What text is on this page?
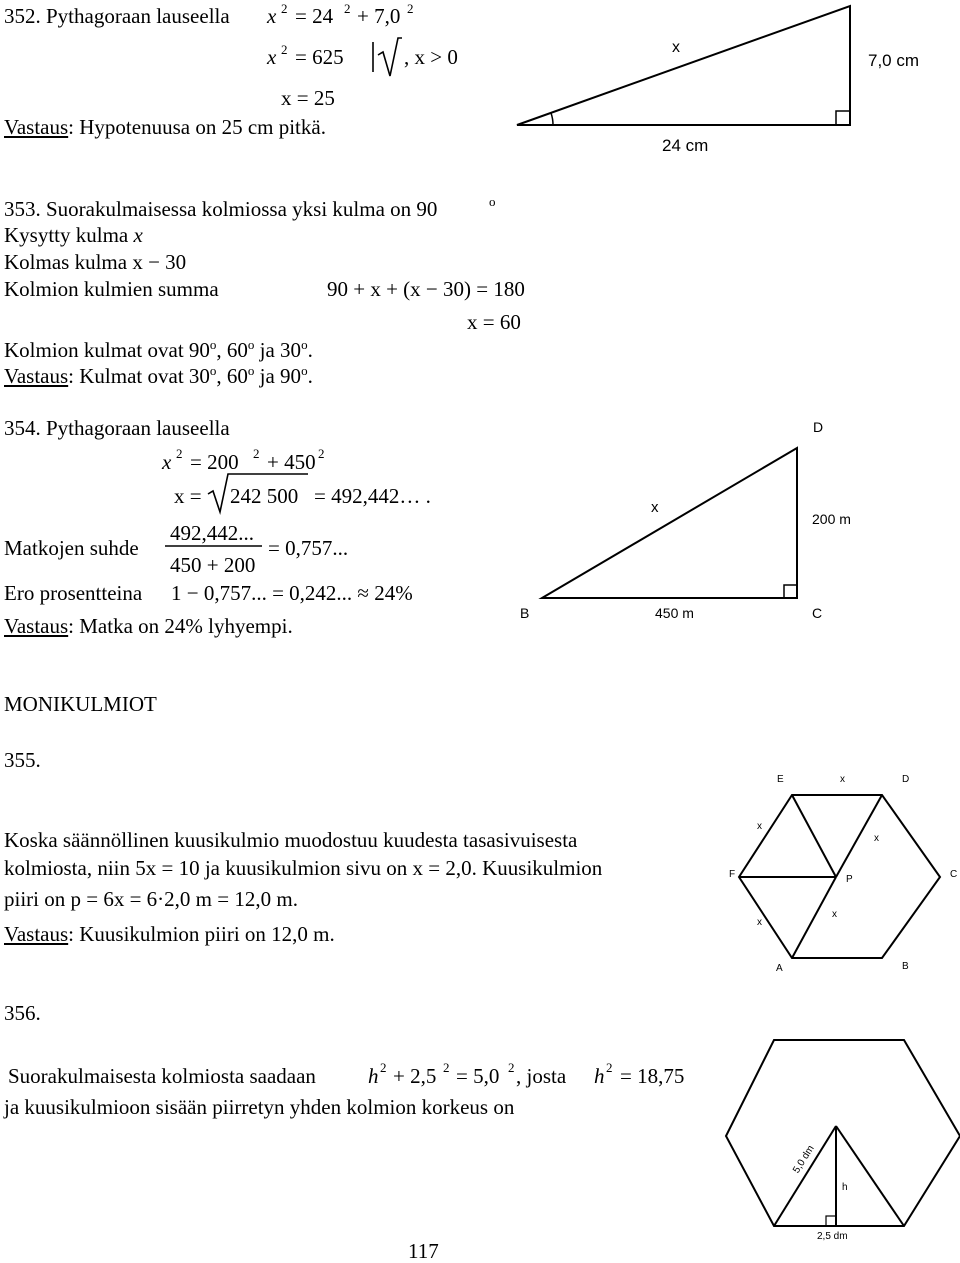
352. Pythagoraan lauseella x 2 = 24 2 + 7,0 2
x 2 = 625	, x > 0
x = 25
Vastaus: Hypotenuusa on 25 cm pitkä.
x
7,0 cm
24 cm
353. Suorakulmaisessa kolmiossa yksi kulma on 90	o
Kysytty kulma x
Kolmas kulma x − 30
Kolmion kulmien summa	90 + x + (x − 30) = 180
x = 60
Kolmion kulmat ovat 90$^o$, 60$^o$ ja 30$^o$.
Vastaus: Kulmat ovat 30$^o$, 60$^o$ ja 90$^o$.
354. Pythagoraan lauseella
x 2 = 200 2 + 450 2
x = 242 500 = 492,442… .
492,442...
Matkojen suhde	= 0,757...
450 + 200
Ero prosentteina 1 − 0,757... = 0,242... ≈ 24%
Vastaus: Matka on 24% lyhyempi.
D
x
200 m
B	450 m	C
MONIKULMIOT
355.
Koska säännöllinen kuusikulmio muodostuu kuudesta tasasivuisesta
kolmiosta, niin 5x = 10 ja kuusikulmion sivu on x = 2,0. Kuusikulmion
piiri on p = 6x = 6·2,0 m = 12,0 m.
Vastaus: Kuusikulmion piiri on 12,0 m.
E	x	D
x
x
F	P	C
x
x
A	B
356.
Suorakulmaisesta kolmiosta saadaan h 2 + 2,5 2 = 5,0 2 , josta h 2 = 18,75
ja kuusikulmioon sisään piirretyn yhden kolmion korkeus on
5,0 dm
h
2,5 dm
117
